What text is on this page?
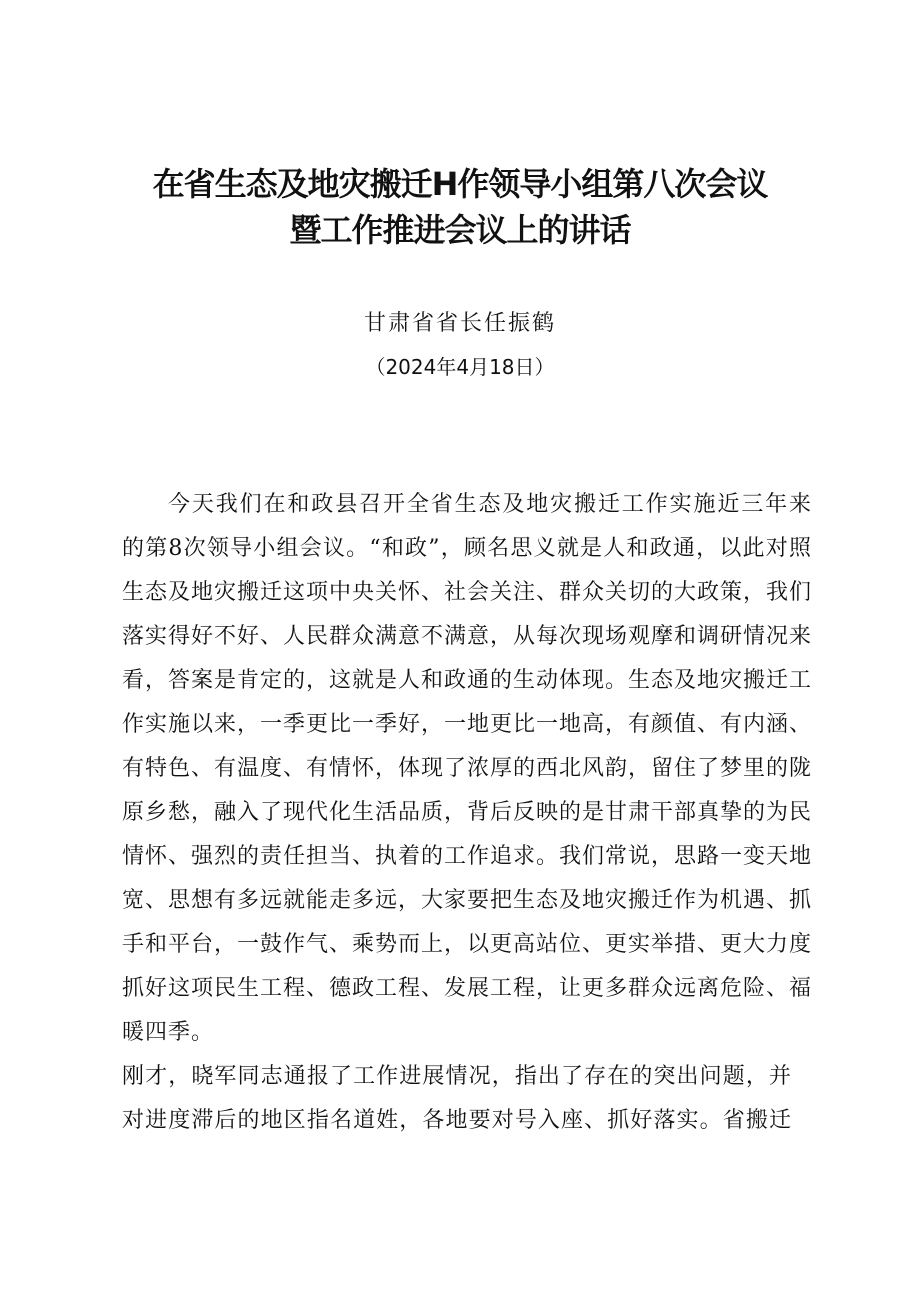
在省生态及地灾搬迁H作领导小组第八次会议
暨工作推进会议上的讲话
甘肃省省长任振鹤
（2024年4月18日）
今天我们在和政县召开全省生态及地灾搬迁工作实施近三年来
的第8次领导小组会议。“和政”，顾名思义就是人和政通，以此对照
生态及地灾搬迁这项中央关怀、社会关注、群众关切的大政策，我们
落实得好不好、人民群众满意不满意，从每次现场观摩和调研情况来
看，答案是肯定的，这就是人和政通的生动体现。生态及地灾搬迁工
作实施以来，一季更比一季好，一地更比一地高，有颜值、有内涵、
有特色、有温度、有情怀，体现了浓厚的西北风韵，留住了梦里的陇
原乡愁，融入了现代化生活品质，背后反映的是甘肃干部真挚的为民
情怀、强烈的责任担当、执着的工作追求。我们常说，思路一变天地
宽、思想有多远就能走多远，大家要把生态及地灾搬迁作为机遇、抓
手和平台，一鼓作气、乘势而上，以更高站位、更实举措、更大力度
抓好这项民生工程、德政工程、发展工程，让更多群众远离危险、福
暖四季。
刚才，晓军同志通报了工作进展情况，指出了存在的突出问题，并
对进度滞后的地区指名道姓，各地要对号入座、抓好落实。省搬迁
